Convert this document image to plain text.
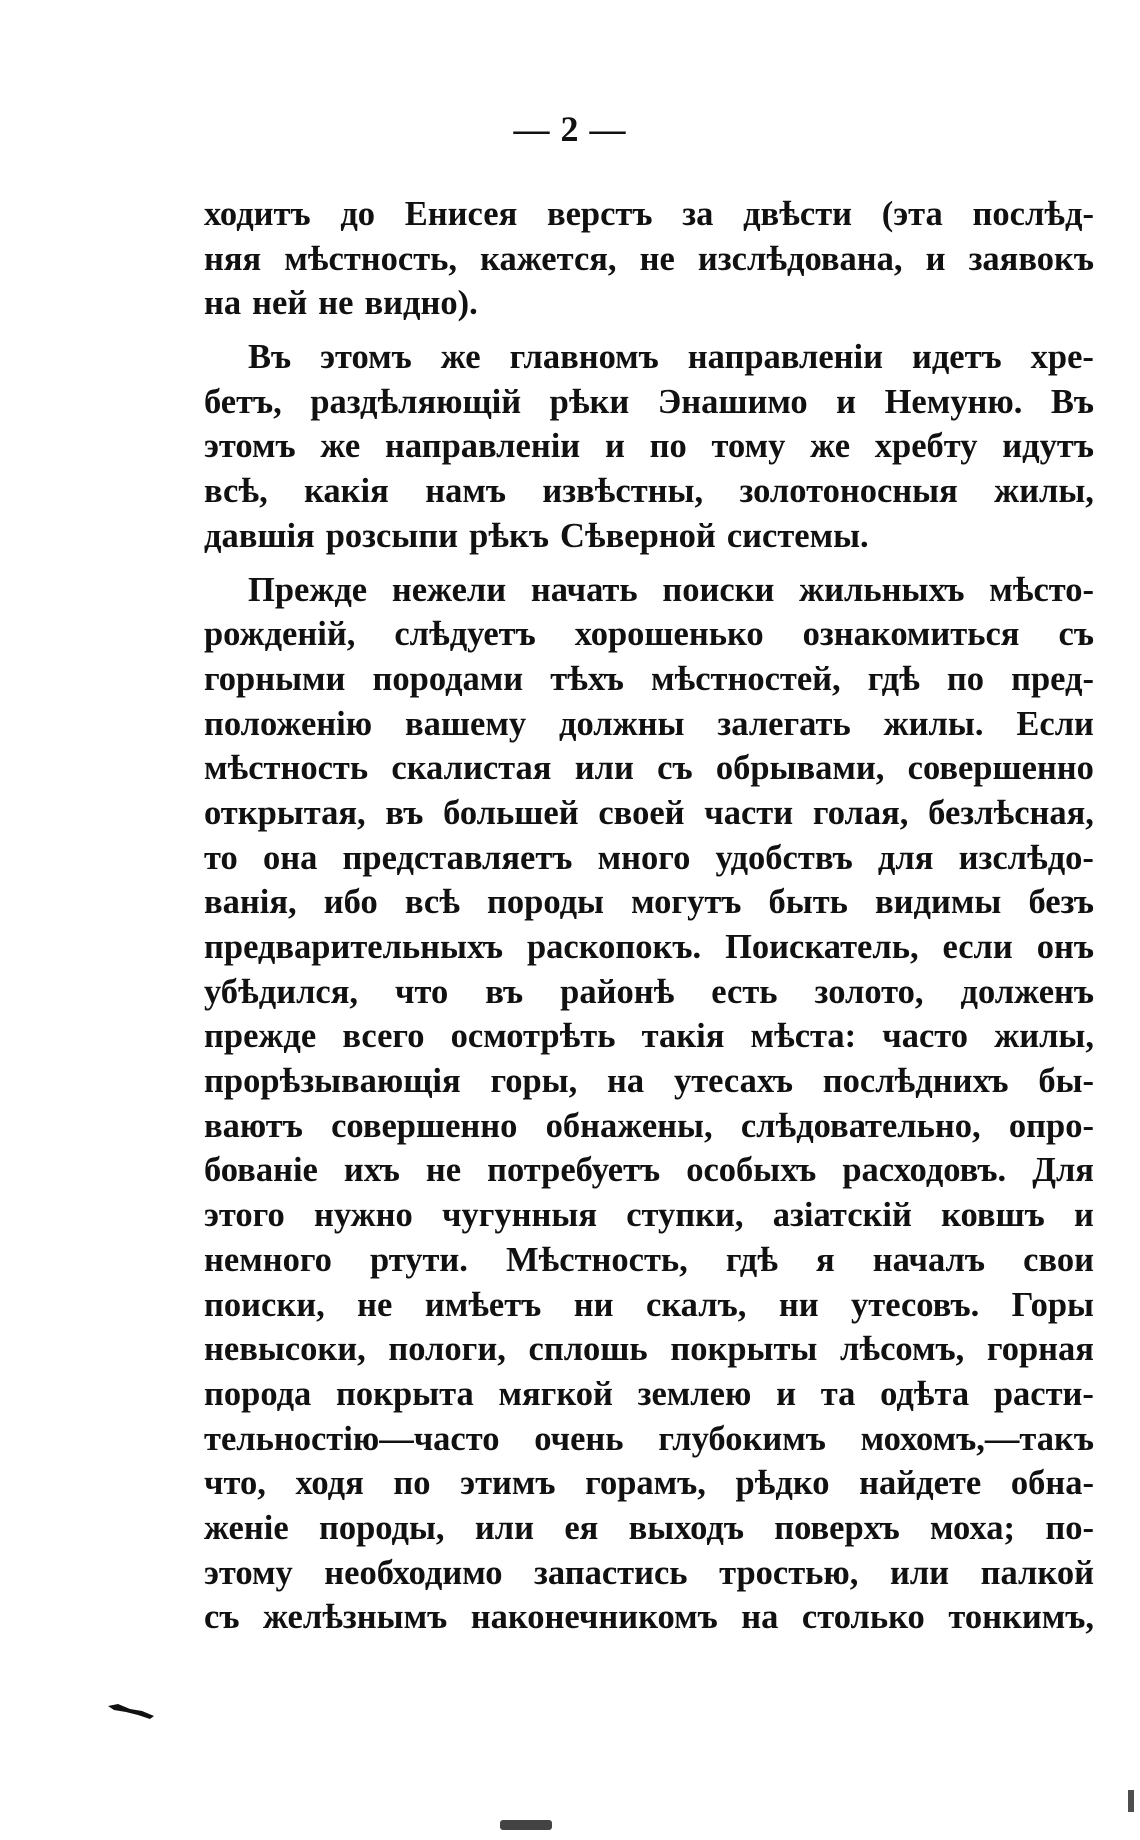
— 2 —
ходитъ до Енисея верстъ за двѣсти (эта послѣд-
няя мѣстность, кажется, не изслѣдована, и заявокъ
на ней не видно).
Въ этомъ же главномъ направленіи идетъ хре-
бетъ, раздѣляющій рѣки Энашимо и Немуню. Въ
этомъ же направленіи и по тому же хребту идутъ
всѣ, какія намъ извѣстны, золотоносныя жилы,
давшія розсыпи рѣкъ Сѣверной системы.
Прежде нежели начать поиски жильныхъ мѣсто-
рожденій, слѣдуетъ хорошенько ознакомиться съ
горными породами тѣхъ мѣстностей, гдѣ по пред-
положенію вашему должны залегать жилы. Если
мѣстность скалистая или съ обрывами, совершенно
открытая, въ большей своей части голая, безлѣсная,
то она представляетъ много удобствъ для изслѣдо-
ванія, ибо всѣ породы могутъ быть видимы безъ
предварительныхъ раскопокъ. Поискатель, если онъ
убѣдился, что въ районѣ есть золото, долженъ
прежде всего осмотрѣть такія мѣста: часто жилы,
прорѣзывающія горы, на утесахъ послѣднихъ бы-
ваютъ совершенно обнажены, слѣдовательно, опро-
бованіе ихъ не потребуетъ особыхъ расходовъ. Для
этого нужно чугунныя ступки, азіатскій ковшъ и
немного ртути. Мѣстность, гдѣ я началъ свои
поиски, не имѣетъ ни скалъ, ни утесовъ. Горы
невысоки, пологи, сплошь покрыты лѣсомъ, горная
порода покрыта мягкой землею и та одѣта расти-
тельностію—часто очень глубокимъ мохомъ,—такъ
что, ходя по этимъ горамъ, рѣдко найдете обна-
женіе породы, или ея выходъ поверхъ моха; по-
этому необходимо запастись тростью, или палкой
съ желѣзнымъ наконечникомъ на столько тонкимъ,
